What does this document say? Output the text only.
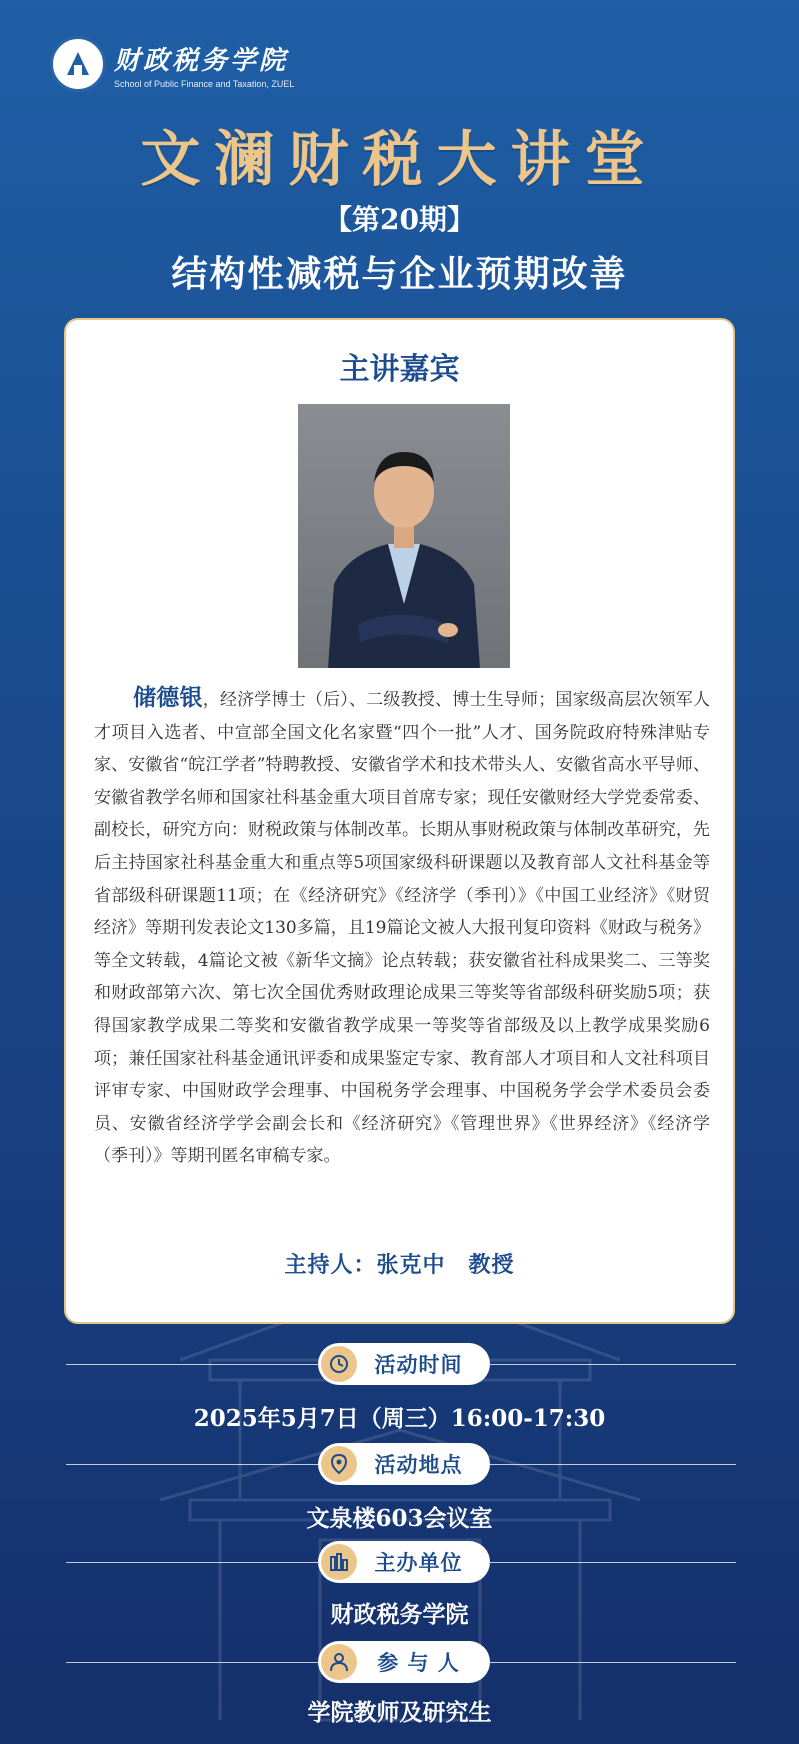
财政税务学院
School of Public Finance and Taxation, ZUEL
文澜财税大讲堂
【第20期】
结构性减税与企业预期改善
主讲嘉宾
储德银，经济学博士（后）、二级教授、博士生导师；国家级高层次领军人才项目入选者、中宣部全国文化名家暨“四个一批”人才、国务院政府特殊津贴专家、安徽省“皖江学者”特聘教授、安徽省学术和技术带头人、安徽省高水平导师、安徽省教学名师和国家社科基金重大项目首席专家；现任安徽财经大学党委常委、副校长，研究方向：财税政策与体制改革。长期从事财税政策与体制改革研究，先后主持国家社科基金重大和重点等5项国家级科研课题以及教育部人文社科基金等省部级科研课题11项；在《经济研究》《经济学（季刊）》《中国工业经济》《财贸经济》等期刊发表论文130多篇，且19篇论文被人大报刊复印资料《财政与税务》等全文转载，4篇论文被《新华文摘》论点转载；获安徽省社科成果奖二、三等奖和财政部第六次、第七次全国优秀财政理论成果三等奖等省部级科研奖励5项；获得国家教学成果二等奖和安徽省教学成果一等奖等省部级及以上教学成果奖励6项；兼任国家社科基金通讯评委和成果鉴定专家、教育部人才项目和人文社科项目评审专家、中国财政学会理事、中国税务学会理事、中国税务学会学术委员会委员、安徽省经济学学会副会长和《经济研究》《管理世界》《世界经济》《经济学（季刊）》等期刊匿名审稿专家。
主持人：张克中　教授
活动时间
2025年5月7日（周三）16:00-17:30
活动地点
文泉楼603会议室
主办单位
财政税务学院
参 与 人
学院教师及研究生
